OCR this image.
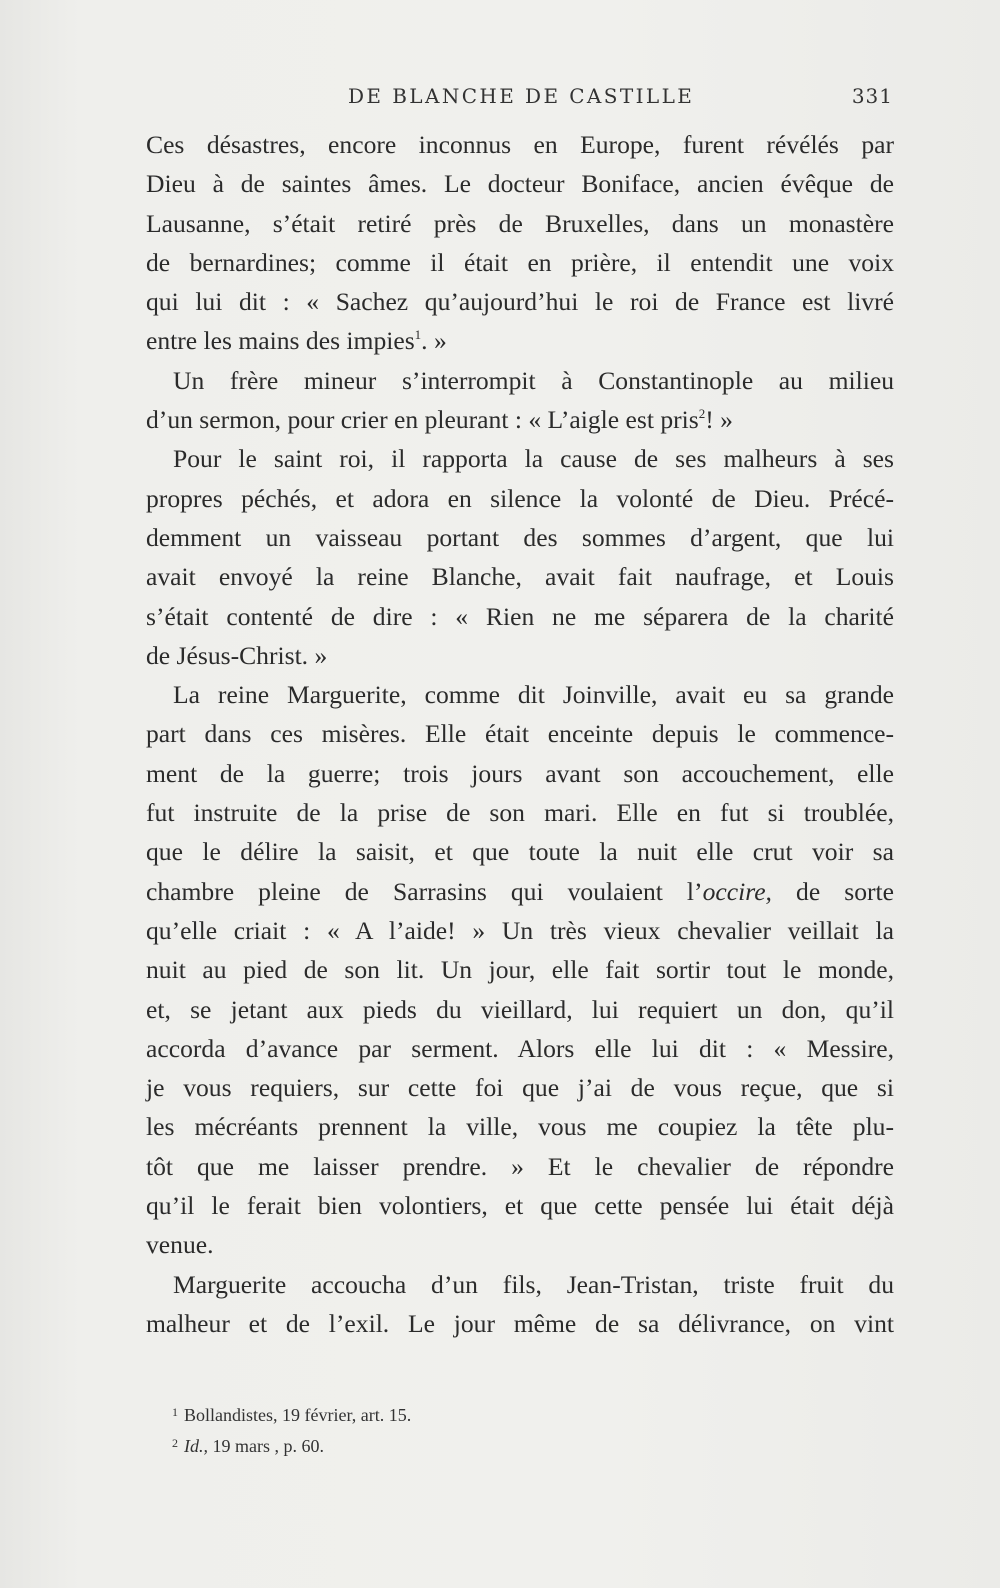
DE BLANCHE DE CASTILLE	331
Ces désastres, encore inconnus en Europe, furent révélés par
Dieu à de saintes âmes. Le docteur Boniface, ancien évêque de
Lausanne, s’était retiré près de Bruxelles, dans un monastère
de bernardines; comme il était en prière, il entendit une voix
qui lui dit : « Sachez qu’aujourd’hui le roi de France est livré
entre les mains des impies$^1$. »
Un frère mineur s’interrompit à Constantinople au milieu
d’un sermon, pour crier en pleurant : « L’aigle est pris$^2$! »
Pour le saint roi, il rapporta la cause de ses malheurs à ses
propres péchés, et adora en silence la volonté de Dieu. Précé-
demment un vaisseau portant des sommes d’argent, que lui
avait envoyé la reine Blanche, avait fait naufrage, et Louis
s’était contenté de dire : « Rien ne me séparera de la charité
de Jésus-Christ. »
La reine Marguerite, comme dit Joinville, avait eu sa grande
part dans ces misères. Elle était enceinte depuis le commence-
ment de la guerre; trois jours avant son accouchement, elle
fut instruite de la prise de son mari. Elle en fut si troublée,
que le délire la saisit, et que toute la nuit elle crut voir sa
chambre pleine de Sarrasins qui voulaient l’occire, de sorte
qu’elle criait : « A l’aide! » Un très vieux chevalier veillait la
nuit au pied de son lit. Un jour, elle fait sortir tout le monde,
et, se jetant aux pieds du vieillard, lui requiert un don, qu’il
accorda d’avance par serment. Alors elle lui dit : « Messire,
je vous requiers, sur cette foi que j’ai de vous reçue, que si
les mécréants prennent la ville, vous me coupiez la tête plu-
tôt que me laisser prendre. » Et le chevalier de répondre
qu’il le ferait bien volontiers, et que cette pensée lui était déjà
venue.
Marguerite accoucha d’un fils, Jean-Tristan, triste fruit du
malheur et de l’exil. Le jour même de sa délivrance, on vint
$^1$ Bollandistes, 19 février, art. 15.
$^2$ Id., 19 mars , p. 60.
